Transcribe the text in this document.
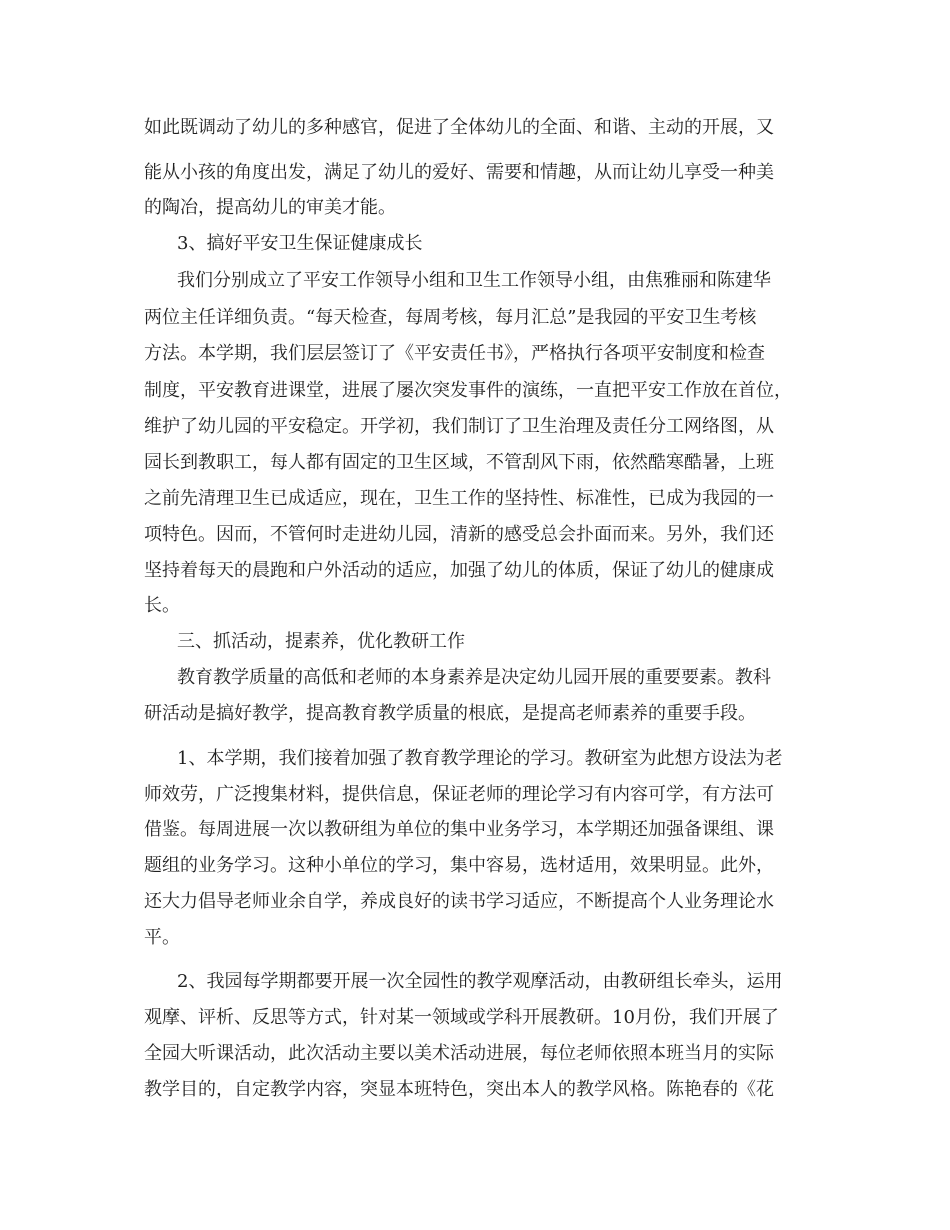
如此既调动了幼儿的多种感官，促进了全体幼儿的全面、和谐、主动的开展，又
能从小孩的角度出发，满足了幼儿的爱好、需要和情趣，从而让幼儿享受一种美
的陶冶，提高幼儿的审美才能。
3、搞好平安卫生保证健康成长
我们分别成立了平安工作领导小组和卫生工作领导小组，由焦雅丽和陈建华
两位主任详细负责。“每天检查，每周考核，每月汇总”是我园的平安卫生考核
方法。本学期，我们层层签订了《平安责任书》，严格执行各项平安制度和检查
制度，平安教育进课堂，进展了屡次突发事件的演练，一直把平安工作放在首位，
维护了幼儿园的平安稳定。开学初，我们制订了卫生治理及责任分工网络图，从
园长到教职工，每人都有固定的卫生区域，不管刮风下雨，依然酷寒酷暑，上班
之前先清理卫生已成适应，现在，卫生工作的坚持性、标准性，已成为我园的一
项特色。因而，不管何时走进幼儿园，清新的感受总会扑面而来。另外，我们还
坚持着每天的晨跑和户外活动的适应，加强了幼儿的体质，保证了幼儿的健康成
长。
三、抓活动，提素养，优化教研工作
教育教学质量的高低和老师的本身素养是决定幼儿园开展的重要要素。教科
研活动是搞好教学，提高教育教学质量的根底，是提高老师素养的重要手段。
1、本学期，我们接着加强了教育教学理论的学习。教研室为此想方设法为老
师效劳，广泛搜集材料，提供信息，保证老师的理论学习有内容可学，有方法可
借鉴。每周进展一次以教研组为单位的集中业务学习，本学期还加强备课组、课
题组的业务学习。这种小单位的学习，集中容易，选材适用，效果明显。此外，
还大力倡导老师业余自学，养成良好的读书学习适应，不断提高个人业务理论水
平。
2、我园每学期都要开展一次全园性的教学观摩活动，由教研组长牵头，运用
观摩、评析、反思等方式，针对某一领域或学科开展教研。10月份，我们开展了
全园大听课活动，此次活动主要以美术活动进展，每位老师依照本班当月的实际
教学目的，自定教学内容，突显本班特色，突出本人的教学风格。陈艳春的《花
